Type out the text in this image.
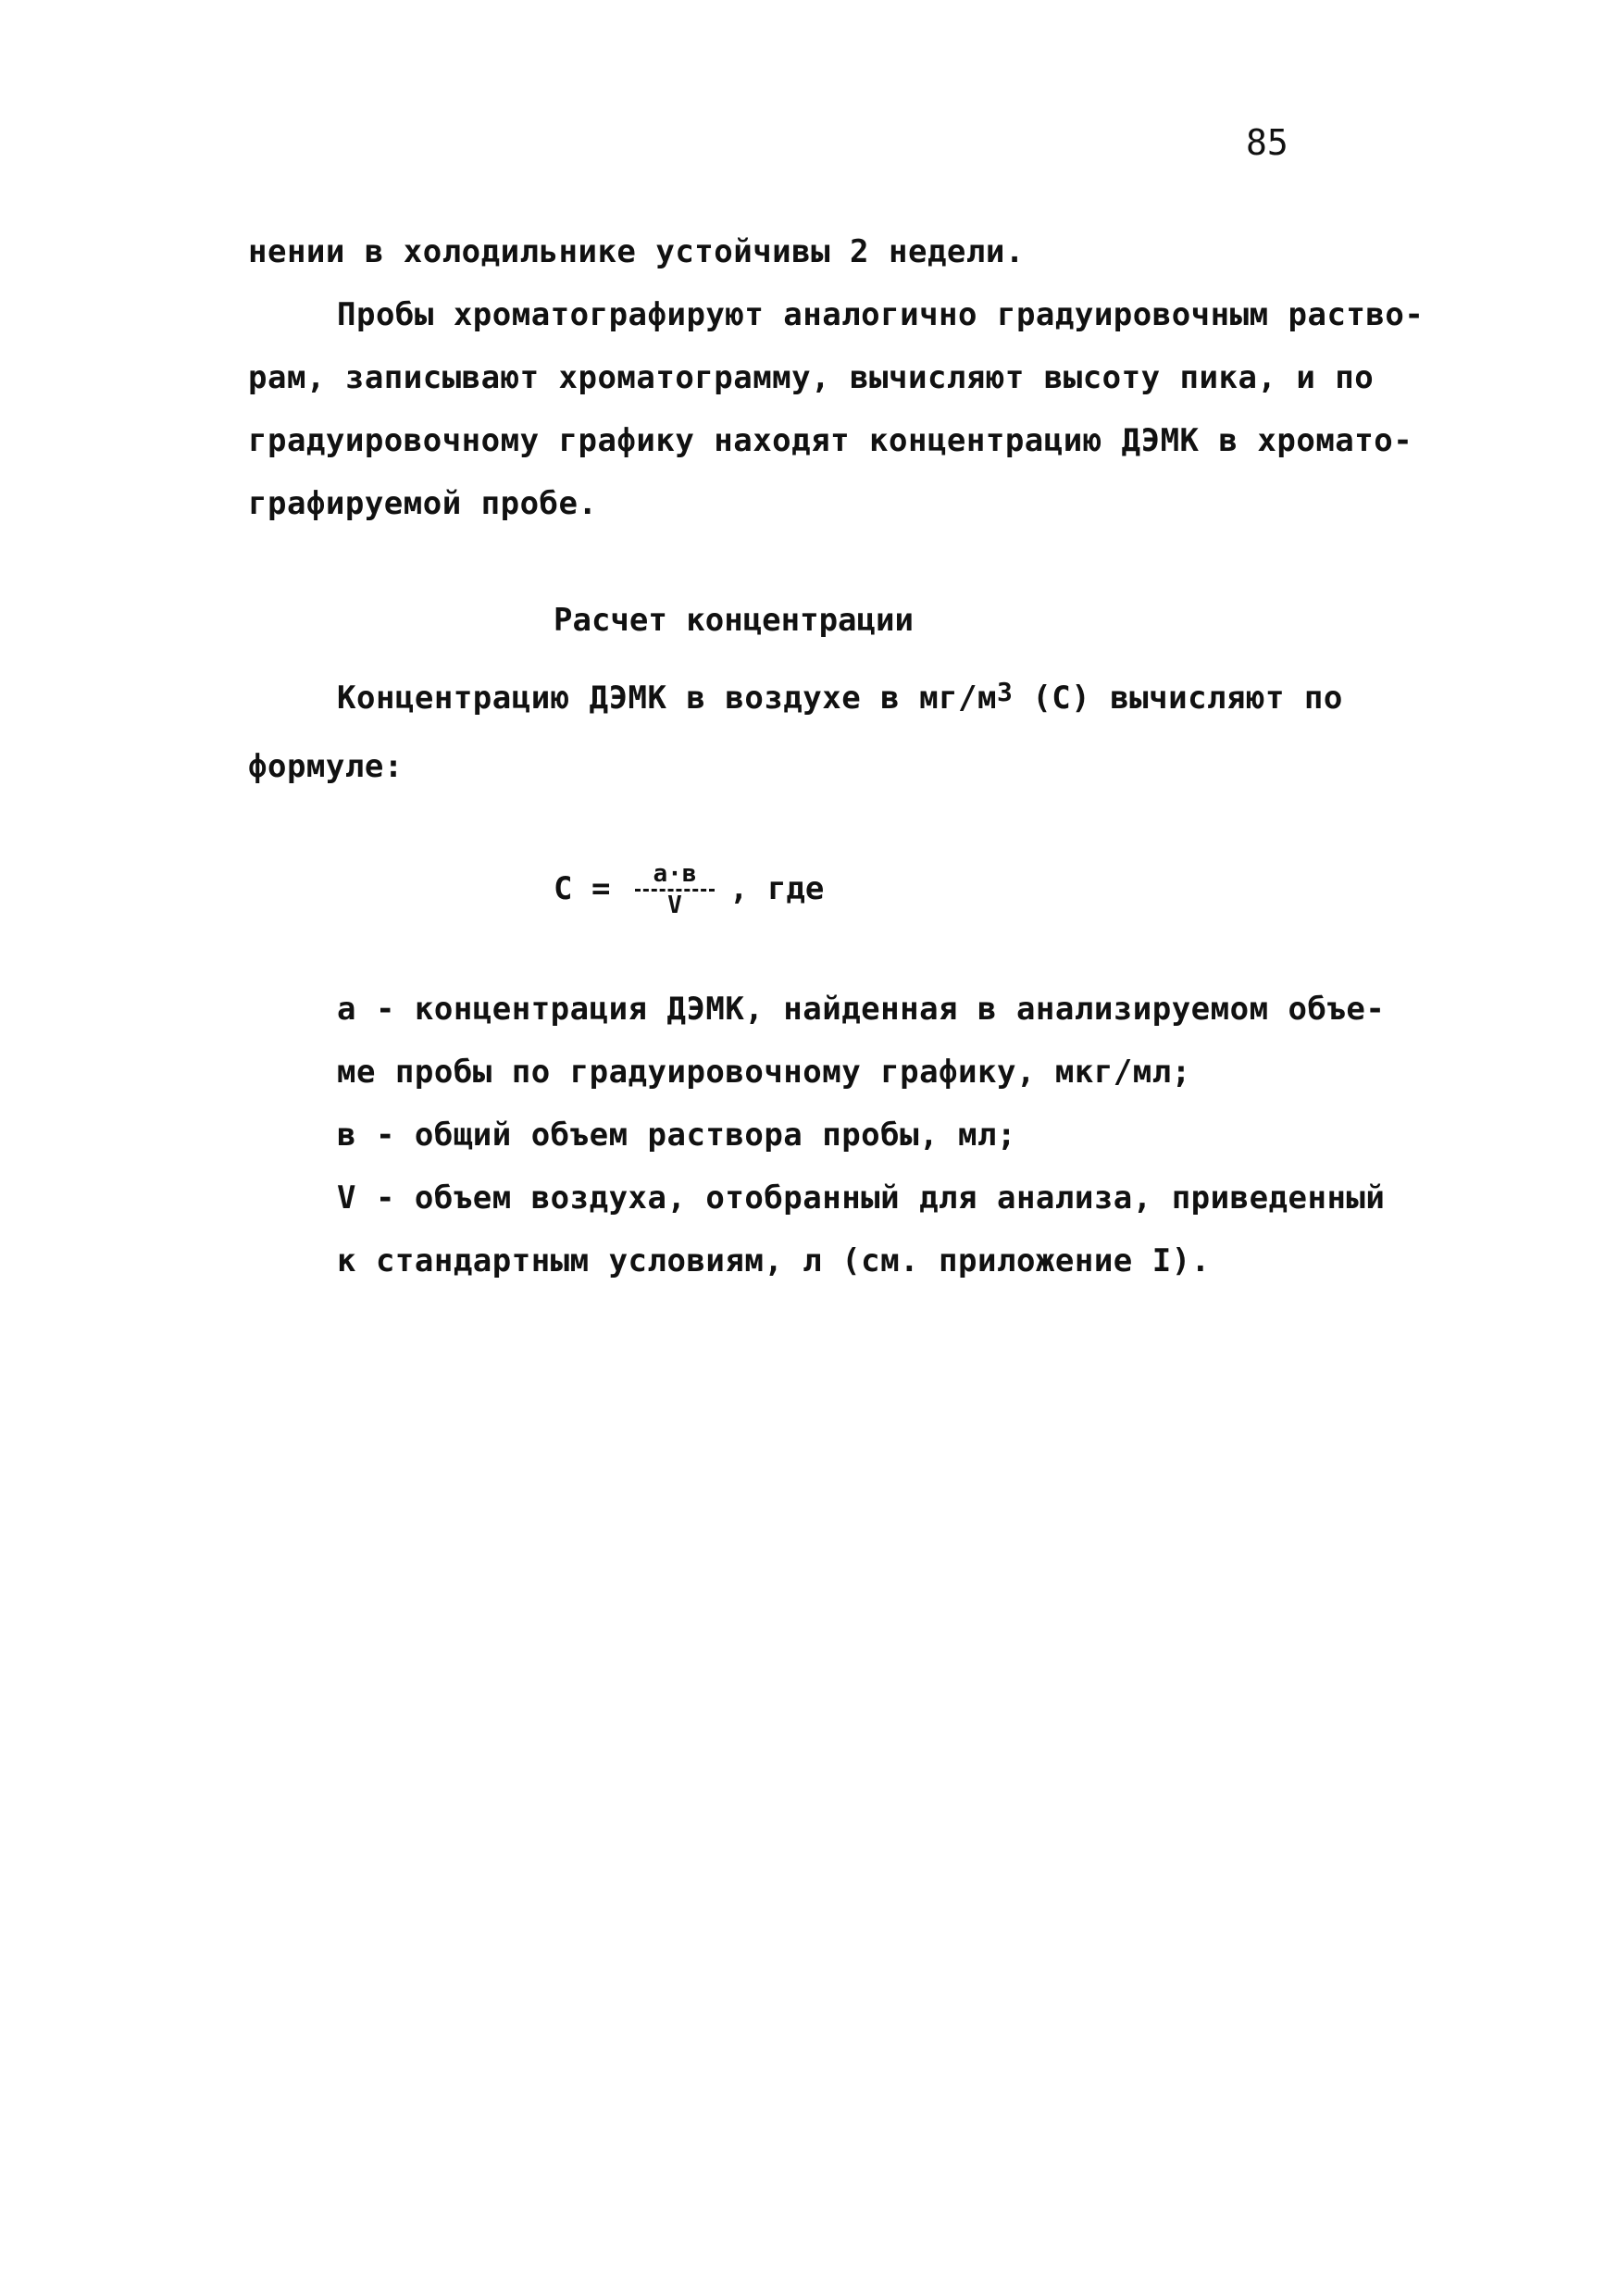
85
нении в холодильнике устойчивы 2 недели.
Пробы хроматографируют аналогично градуировочным раство-
рам, записывают хроматограмму, вычисляют высоту пика, и по
градуировочному графику находят концентрацию ДЭМК в хромато-
графируемой пробе.
Расчет концентрации
Концентрацию ДЭМК в воздухе в $мг/м^3$ (С) вычисляют по
формуле:
С =	а·в
V	, где
а - концентрация ДЭМК, найденная в анализируемом объе-
ме пробы по градуировочному графику, мкг/мл;
в - общий объем раствора пробы, мл;
V - объем воздуха, отобранный для анализа, приведенный
к стандартным условиям, л (см. приложение I).
